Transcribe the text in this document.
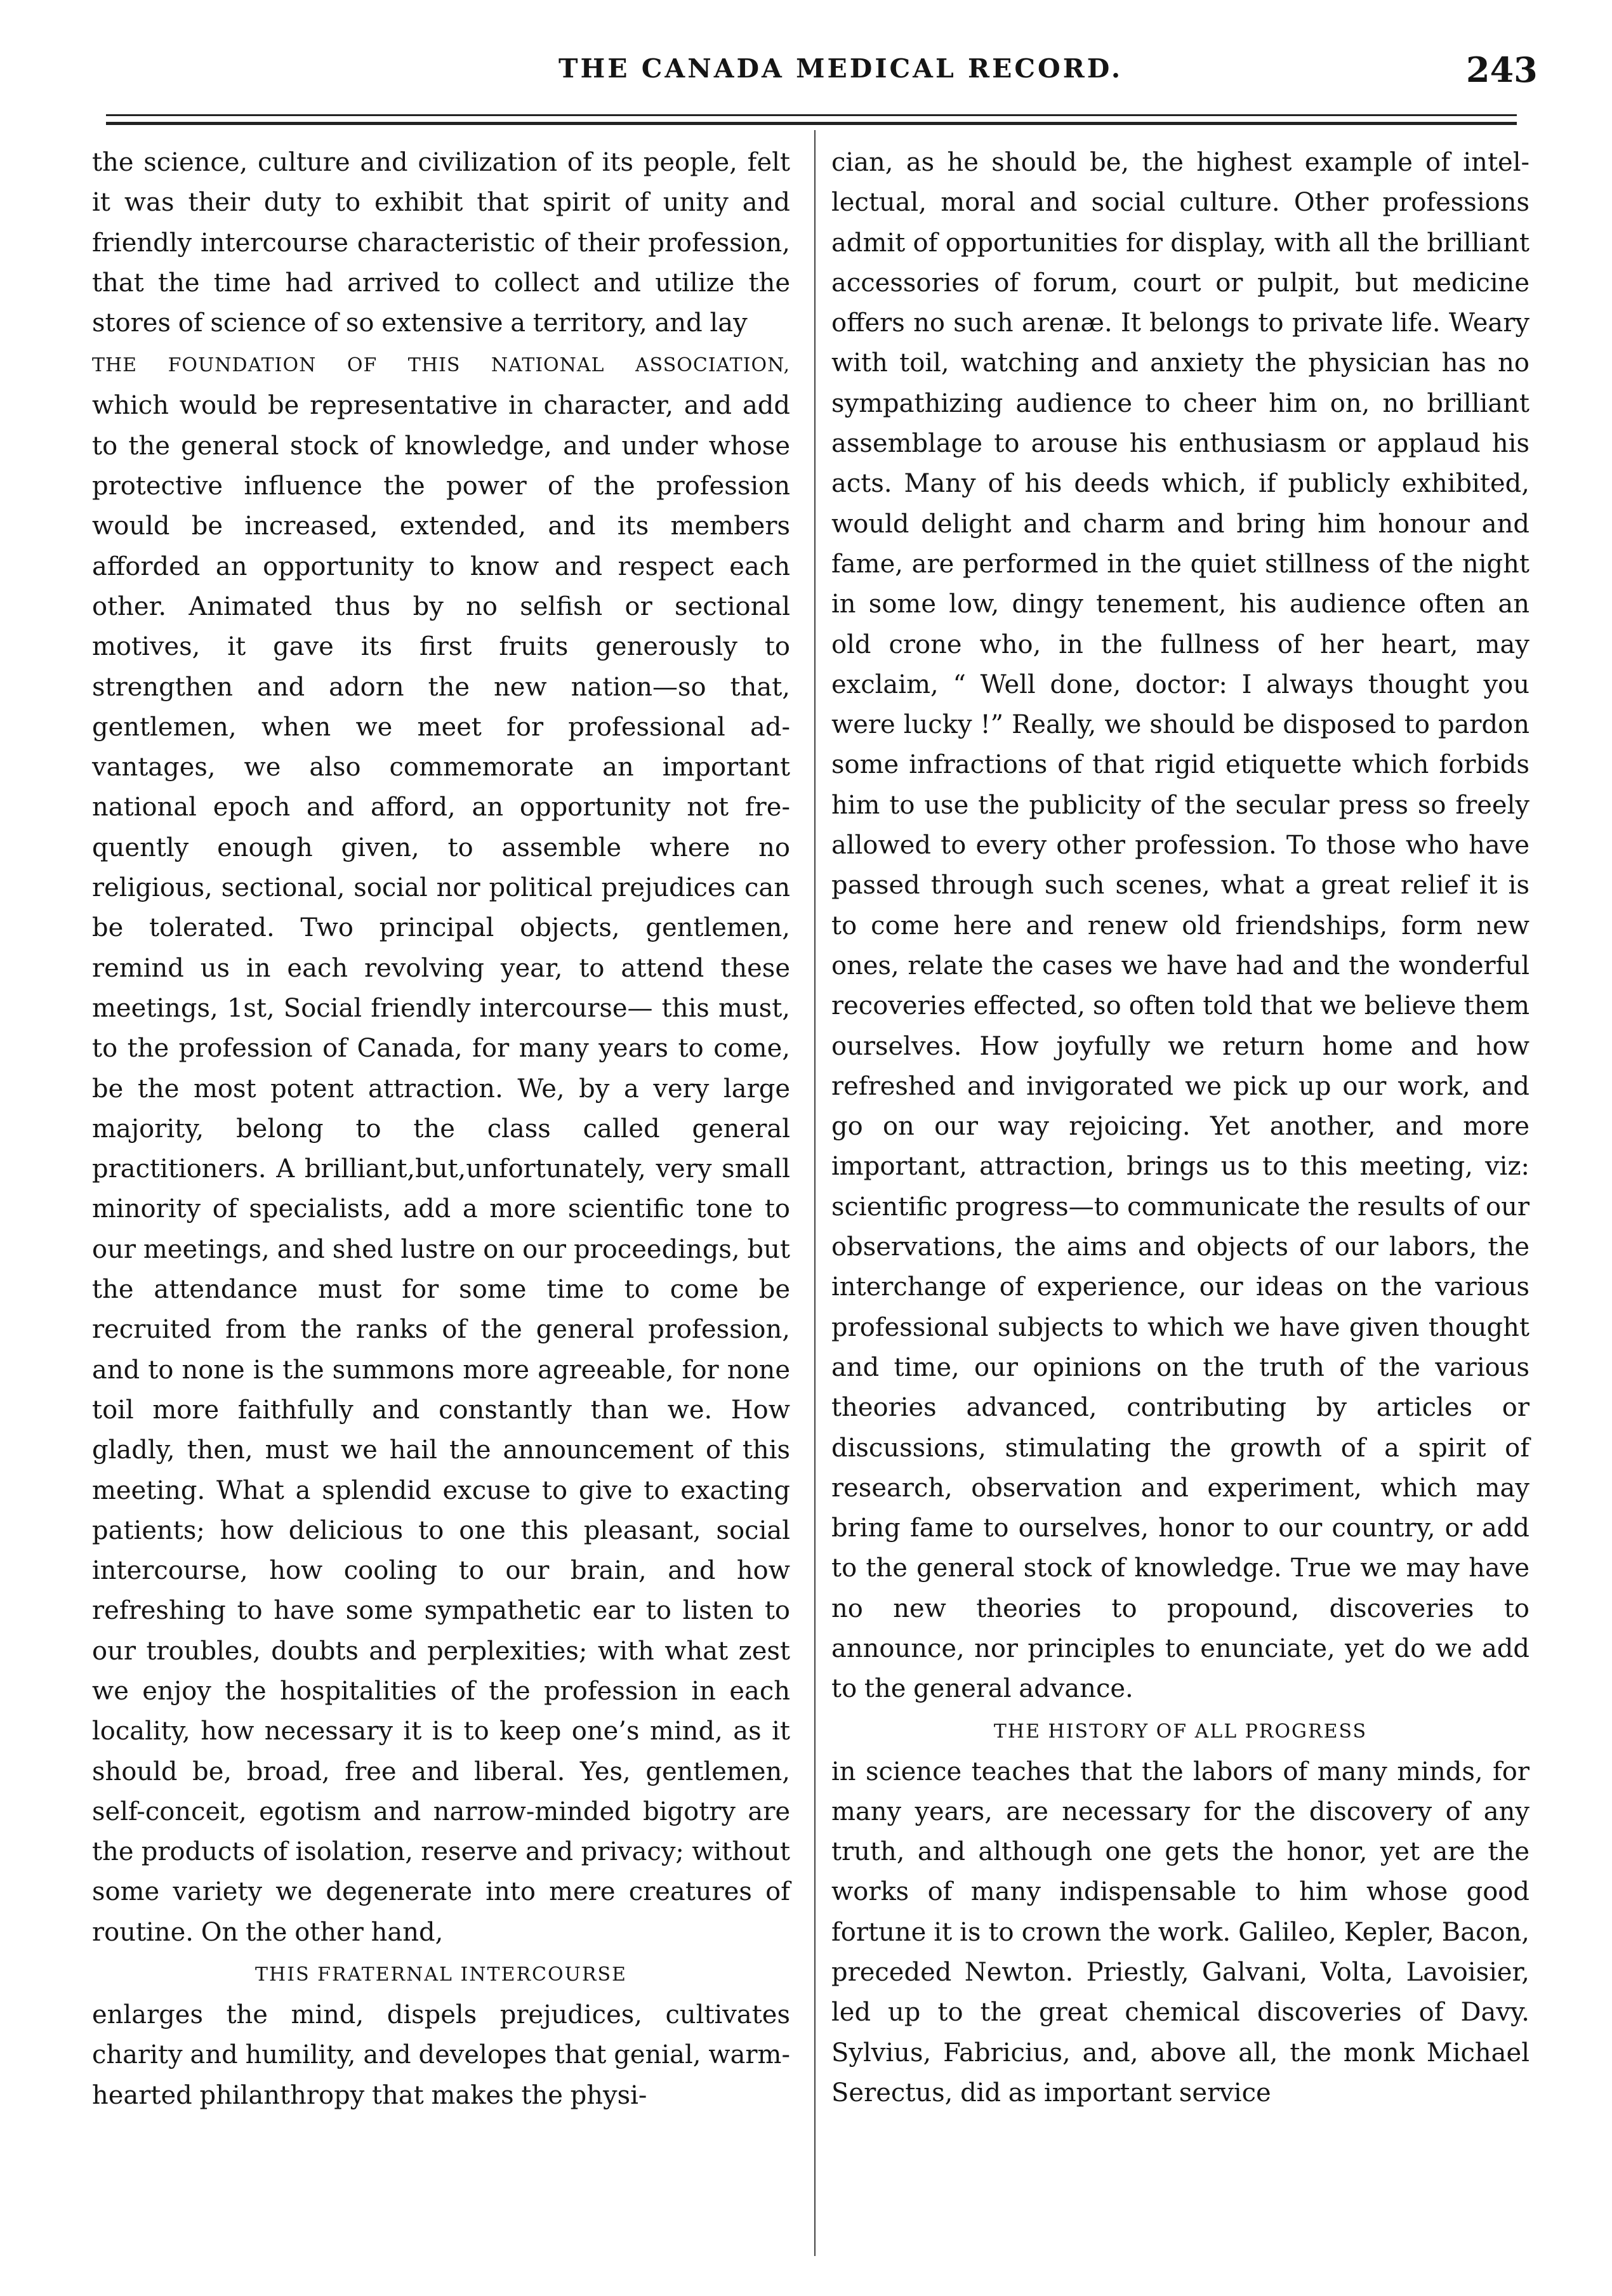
THE CANADA MEDICAL RECORD.	243

the science, culture and civilization of its people, felt it was their duty to exhibit that spirit of unity and friendly intercourse characteristic of their profession, that the time had arrived to collect and utilize the stores of science of so extensive a territory, and lay

THE FOUNDATION OF THIS NATIONAL ASSOCIATION,

which would be representative in character, and add to the general stock of knowledge, and under whose protective influence the power of the profession would be increased, extended, and its members afforded an opportunity to know and respect each other. Animated thus by no selfish or sectional motives, it gave its first fruits generously to strengthen and adorn the new nation—so that, gentlemen, when we meet for professional advantages, we also commemorate an important national epoch and afford, an opportunity not frequently enough given, to assemble where no religious, sectional, social nor political prejudices can be tolerated. Two principal objects, gentlemen, remind us in each revolving year, to attend these meetings, 1st, Social friendly intercourse— this must, to the profession of Canada, for many years to come, be the most potent attraction. We, by a very large majority, belong to the class called general practitioners. A brilliant,but,unfortunately, very small minority of specialists, add a more scientific tone to our meetings, and shed lustre on our proceedings, but the attendance must for some time to come be recruited from the ranks of the general profession, and to none is the summons more agreeable, for none toil more faithfully and constantly than we. How gladly, then, must we hail the announcement of this meeting. What a splendid excuse to give to exacting patients; how delicious to one this pleasant, social intercourse, how cooling to our brain, and how refreshing to have some sympathetic ear to listen to our troubles, doubts and perplexities; with what zest we enjoy the hospitalities of the profession in each locality, how necessary it is to keep one’s mind, as it should be, broad, free and liberal. Yes, gentlemen, self-conceit, egotism and narrow-minded bigotry are the products of isolation, reserve and privacy; without some variety we degenerate into mere creatures of routine. On the other hand,

THIS FRATERNAL INTERCOURSE

enlarges the mind, dispels prejudices, cultivates charity and humility, and developes that genial, warm-hearted philanthropy that makes the physi-

cian, as he should be, the highest example of intellectual, moral and social culture. Other professions admit of opportunities for display, with all the brilliant accessories of forum, court or pulpit, but medicine offers no such arenæ. It belongs to private life. Weary with toil, watching and anxiety the physician has no sympathizing audience to cheer him on, no brilliant assemblage to arouse his enthusiasm or applaud his acts. Many of his deeds which, if publicly exhibited, would delight and charm and bring him honour and fame, are performed in the quiet stillness of the night in some low, dingy tenement, his audience often an old crone who, in the fullness of her heart, may exclaim, “ Well done, doctor: I always thought you were lucky !” Really, we should be disposed to pardon some infractions of that rigid etiquette which forbids him to use the publicity of the secular press so freely allowed to every other profession. To those who have passed through such scenes, what a great relief it is to come here and renew old friendships, form new ones, relate the cases we have had and the wonderful recoveries effected, so often told that we believe them ourselves. How joyfully we return home and how refreshed and invigorated we pick up our work, and go on our way rejoicing. Yet another, and more important, attraction, brings us to this meeting, viz: scientific progress—to communicate the results of our observations, the aims and objects of our labors, the interchange of experience, our ideas on the various professional subjects to which we have given thought and time, our opinions on the truth of the various theories advanced, contributing by articles or discussions, stimulating the growth of a spirit of research, observation and experiment, which may bring fame to ourselves, honor to our country, or add to the general stock of knowledge. True we may have no new theories to propound, discoveries to announce, nor principles to enunciate, yet do we add to the general advance.

THE HISTORY OF ALL PROGRESS

in science teaches that the labors of many minds, for many years, are necessary for the discovery of any truth, and although one gets the honor, yet are the works of many indispensable to him whose good fortune it is to crown the work. Galileo, Kepler, Bacon, preceded Newton. Priestly, Galvani, Volta, Lavoisier, led up to the great chemical discoveries of Davy. Sylvius, Fabricius, and, above all, the monk Michael Serectus, did as important service
